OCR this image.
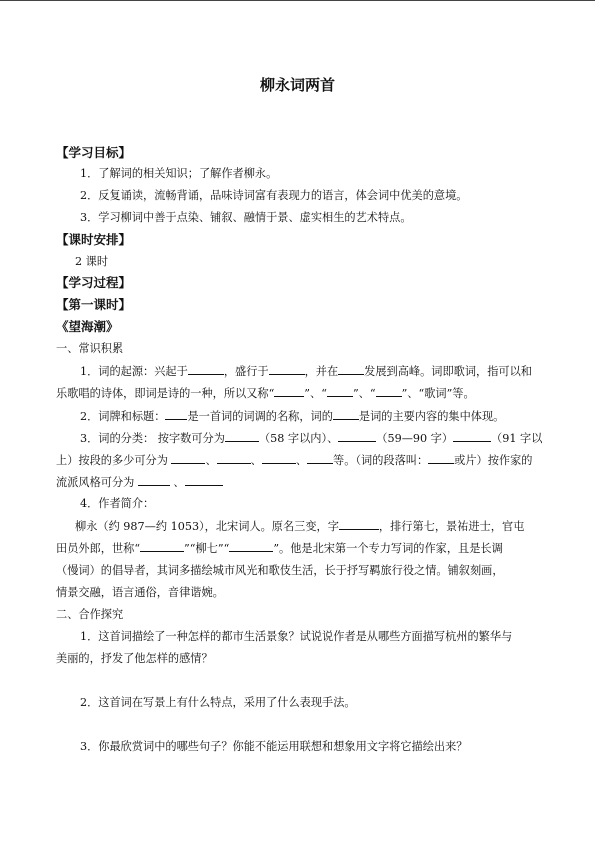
柳永词两首
【学习目标】
1．了解词的相关知识；了解作者柳永。
2．反复诵读，流畅背诵，品味诗词富有表现力的语言，体会词中优美的意境。
3．学习柳词中善于点染、铺叙、融情于景、虚实相生的艺术特点。
【课时安排】
2 课时
【学习过程】
【第一课时】
《望海潮》
一、常识积累
1．词的起源：兴起于	，盛行于	，并在 发展到高峰。词即歌词，指可以和
乐歌唱的诗体，即词是诗的一种，所以又称“	”、“ ”、“ ”、“歌词”等。
2．词牌和标题： 是一首词的词调的名称，词的 是词的主要内容的集中体现。
3．词的分类： 按字数可分为	（58 字以内）、	（59—90 字）	（91 字以
上）按段的多少可分为	、	、	、 等。（词的段落叫： 或片）按作家的
流派风格可分为	、
4．作者简介：
柳永（约 987—约 1053），北宋词人。原名三变，字	，排行第七，景祐进士，官屯
田员外郎，世称“	”“柳七”“	”。他是北宋第一个专力写词的作家，且是长调
（慢词）的倡导者，其词多描绘城市风光和歌伎生活，长于抒写羁旅行役之情。铺叙刻画，
情景交融，语言通俗，音律谐婉。
二、合作探究
1．这首词描绘了一种怎样的都市生活景象？试说说作者是从哪些方面描写杭州的繁华与
美丽的，抒发了他怎样的感情？
2．这首词在写景上有什么特点，采用了什么表现手法。
3．你最欣赏词中的哪些句子？你能不能运用联想和想象用文字将它描绘出来？
